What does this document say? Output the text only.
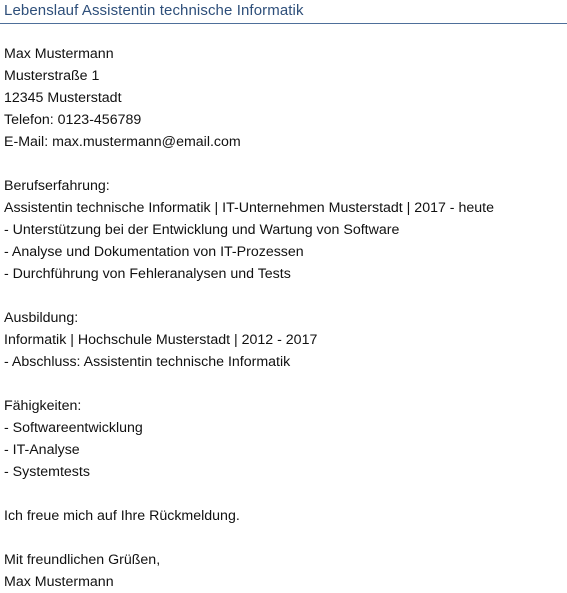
Lebenslauf Assistentin technische Informatik
Max Mustermann
Musterstraße 1
12345 Musterstadt
Telefon: 0123-456789
E-Mail: max.mustermann@email.com
Berufserfahrung:
Assistentin technische Informatik | IT-Unternehmen Musterstadt | 2017 - heute
- Unterstützung bei der Entwicklung und Wartung von Software
- Analyse und Dokumentation von IT-Prozessen
- Durchführung von Fehleranalysen und Tests
Ausbildung:
Informatik | Hochschule Musterstadt | 2012 - 2017
- Abschluss: Assistentin technische Informatik
Fähigkeiten:
- Softwareentwicklung
- IT-Analyse
- Systemtests
Ich freue mich auf Ihre Rückmeldung.
Mit freundlichen Grüßen,
Max Mustermann
